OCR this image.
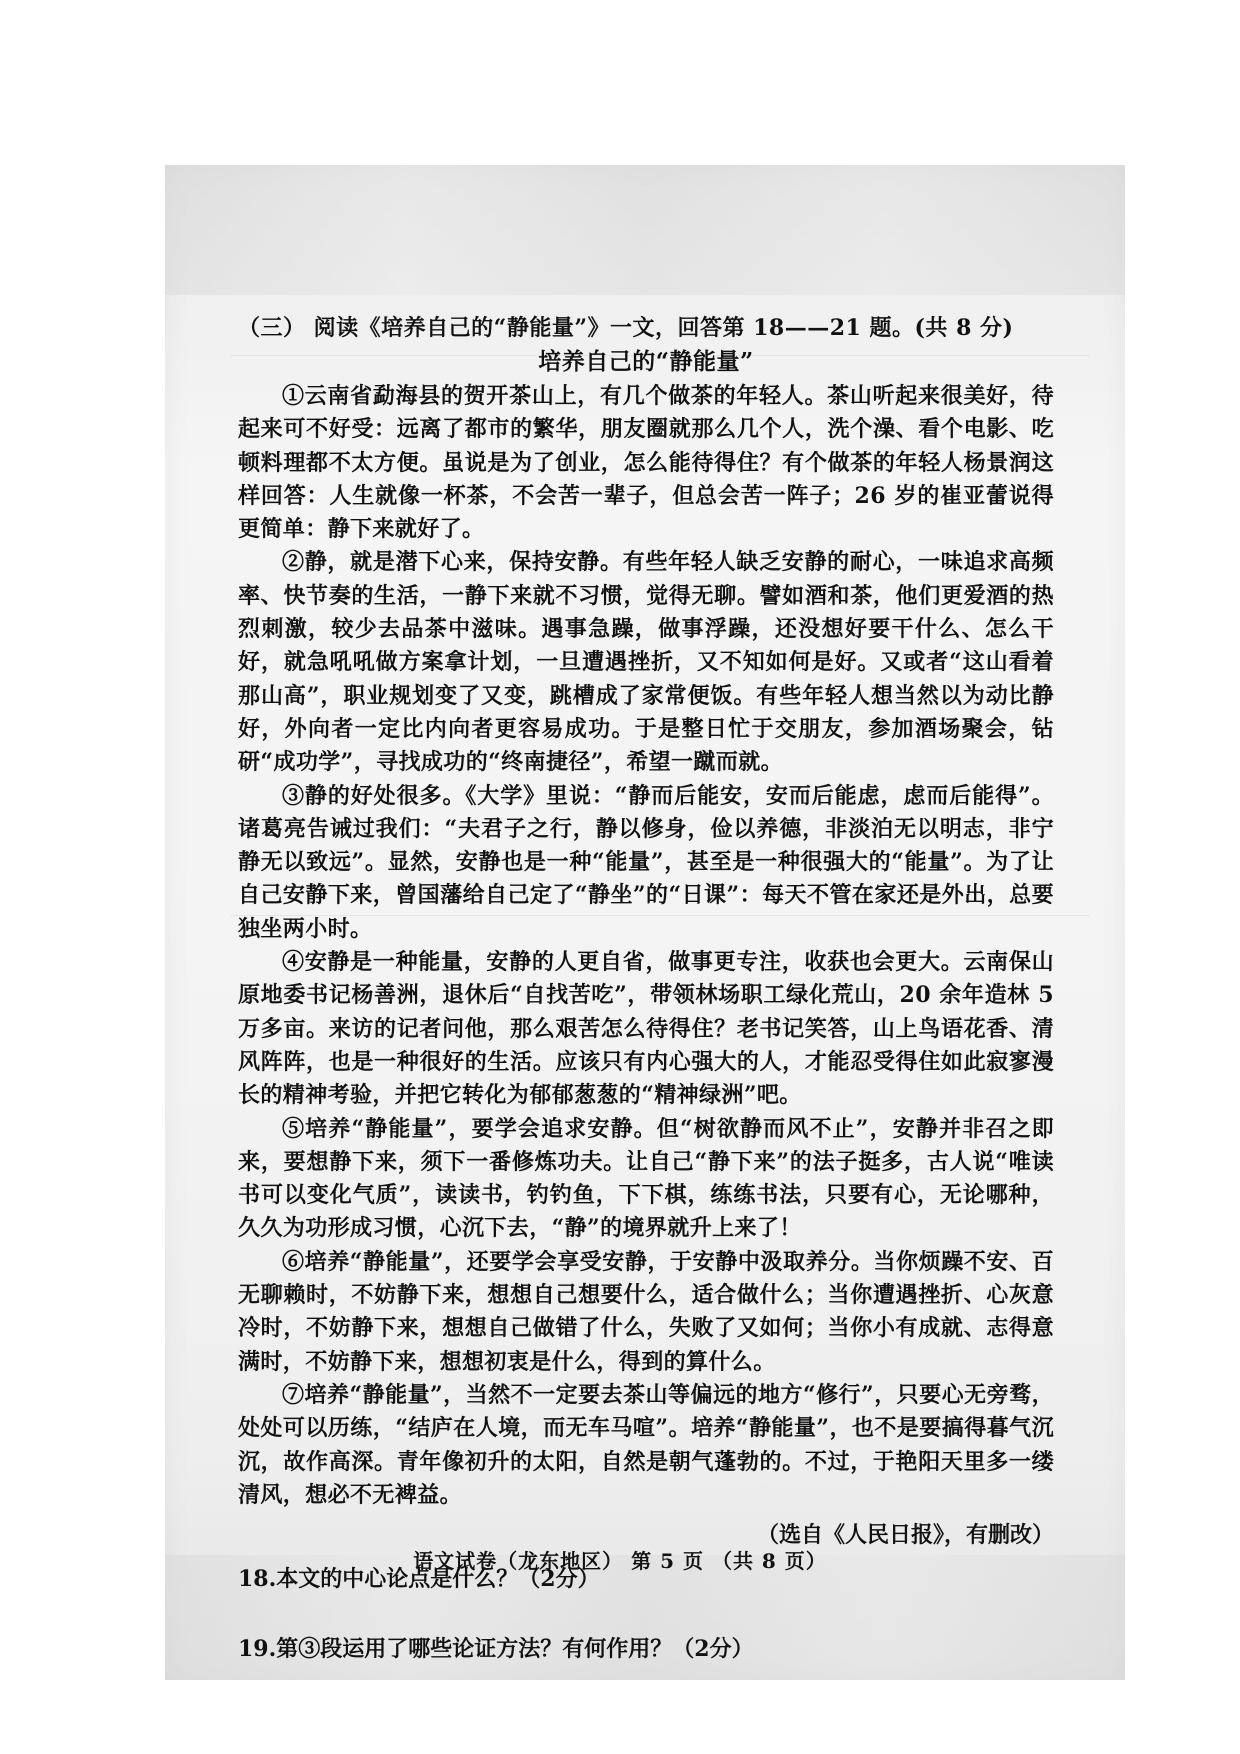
（三） 阅读《培养自己的“静能量”》一文，回答第 18——21 题。(共 8 分)
培养自己的“静能量”

①云南省勐海县的贺开茶山上，有几个做茶的年轻人。茶山听起来很美好，待起来可不好受：远离了都市的繁华，朋友圈就那么几个人，洗个澡、看个电影、吃顿料理都不太方便。虽说是为了创业，怎么能待得住？有个做茶的年轻人杨景润这样回答：人生就像一杯茶，不会苦一辈子，但总会苦一阵子；26 岁的崔亚蕾说得更简单：静下来就好了。

②静，就是潜下心来，保持安静。有些年轻人缺乏安静的耐心，一味追求高频率、快节奏的生活，一静下来就不习惯，觉得无聊。譬如酒和茶，他们更爱酒的热烈刺激，较少去品茶中滋味。遇事急躁，做事浮躁，还没想好要干什么、怎么干好，就急吼吼做方案拿计划，一旦遭遇挫折，又不知如何是好。又或者“这山看着那山高”，职业规划变了又变，跳槽成了家常便饭。有些年轻人想当然以为动比静好，外向者一定比内向者更容易成功。于是整日忙于交朋友，参加酒场聚会，钻研“成功学”，寻找成功的“终南捷径”，希望一蹴而就。

③静的好处很多。《大学》里说：“静而后能安，安而后能虑，虑而后能得”。诸葛亮告诫过我们：“夫君子之行，静以修身，俭以养德，非淡泊无以明志，非宁静无以致远”。显然，安静也是一种“能量”，甚至是一种很强大的“能量”。为了让自己安静下来，曾国藩给自己定了“静坐”的“日课”：每天不管在家还是外出，总要独坐两小时。

④安静是一种能量，安静的人更自省，做事更专注，收获也会更大。云南保山原地委书记杨善洲，退休后“自找苦吃”，带领林场职工绿化荒山，20 余年造林 5 万多亩。来访的记者问他，那么艰苦怎么待得住？老书记笑答，山上鸟语花香、清风阵阵，也是一种很好的生活。应该只有内心强大的人，才能忍受得住如此寂寥漫长的精神考验，并把它转化为郁郁葱葱的“精神绿洲”吧。

⑤培养“静能量”，要学会追求安静。但“树欲静而风不止”，安静并非召之即来，要想静下来，须下一番修炼功夫。让自己“静下来”的法子挺多，古人说“唯读书可以变化气质”，读读书，钓钓鱼，下下棋，练练书法，只要有心，无论哪种，久久为功形成习惯，心沉下去，“静”的境界就升上来了！

⑥培养“静能量”，还要学会享受安静，于安静中汲取养分。当你烦躁不安、百无聊赖时，不妨静下来，想想自己想要什么，适合做什么；当你遭遇挫折、心灰意冷时，不妨静下来，想想自己做错了什么，失败了又如何；当你小有成就、志得意满时，不妨静下来，想想初衷是什么，得到的算什么。

⑦培养“静能量”，当然不一定要去茶山等偏远的地方“修行”，只要心无旁骛，处处可以历练，“结庐在人境，而无车马喧”。培养“静能量”，也不是要搞得暮气沉沉，故作高深。青年像初升的太阳，自然是朝气蓬勃的。不过，于艳阳天里多一缕清风，想必不无裨益。

（选自《人民日报》，有删改）
18.本文的中心论点是什么？（2分）
19.第③段运用了哪些论证方法？有何作用？（2分）
语文试卷（龙东地区） 第 5 页 （共 8 页）
